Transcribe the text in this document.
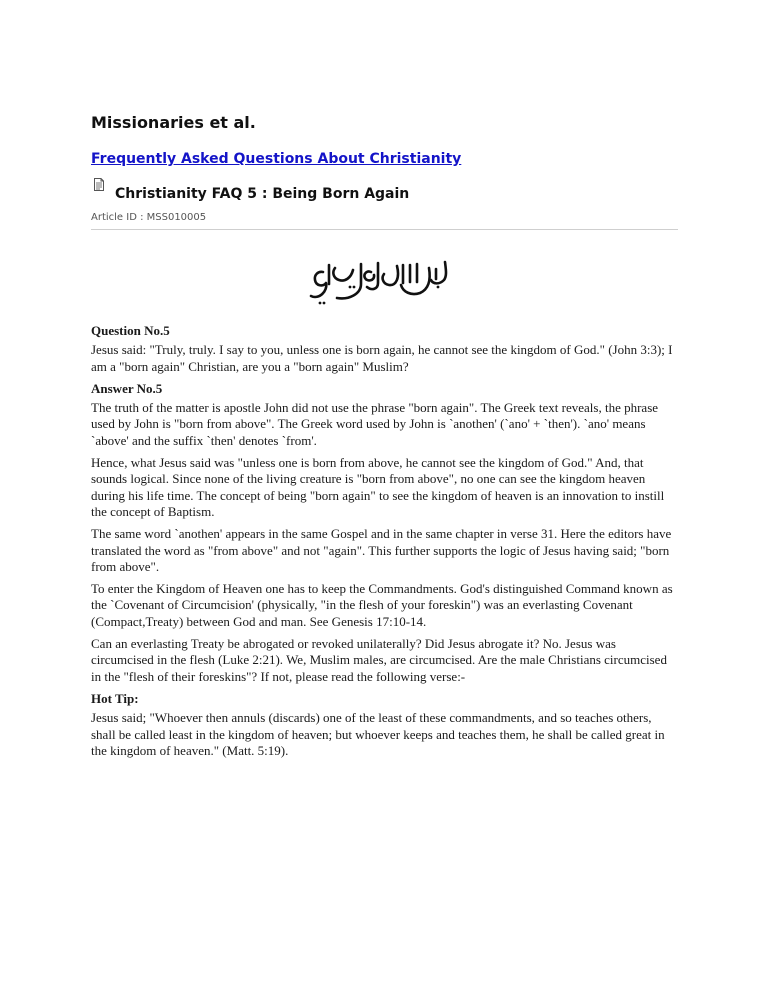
Missionaries et al.
Frequently Asked Questions About Christianity
Christianity FAQ 5 : Being Born Again
Article ID : MSS010005
Question No.5

Jesus said: "Truly, truly. I say to you, unless one is born again, he cannot see the kingdom of God." (John 3:3); I am a "born again" Christian, are you a "born again" Muslim?

Answer No.5

The truth of the matter is apostle John did not use the phrase "born again". The Greek text reveals, the phrase used by John is "born from above". The Greek word used by John is `anothen' (`ano' + `then'). `ano' means `above' and the suffix `then' denotes `from'.

Hence, what Jesus said was "unless one is born from above, he cannot see the kingdom of God." And, that sounds logical. Since none of the living creature is "born from above", no one can see the kingdom heaven during his life time. The concept of being "born again" to see the kingdom of heaven is an innovation to instill the concept of Baptism.

The same word `anothen' appears in the same Gospel and in the same chapter in verse 31. Here the editors have translated the word as "from above" and not "again". This further supports the logic of Jesus having said; "born from above".

To enter the Kingdom of Heaven one has to keep the Commandments. God's distinguished Command known as the `Covenant of Circumcision' (physically, "in the flesh of your foreskin") was an everlasting Covenant (Compact,Treaty) between God and man. See Genesis 17:10-14.

Can an everlasting Treaty be abrogated or revoked unilaterally? Did Jesus abrogate it? No. Jesus was circumcised in the flesh (Luke 2:21). We, Muslim males, are circumcised. Are the male Christians circumcised in the "flesh of their foreskins"? If not, please read the following verse:-

Hot Tip:

Jesus said; "Whoever then annuls (discards) one of the least of these commandments, and so teaches others, shall be called least in the kingdom of heaven; but whoever keeps and teaches them, he shall be called great in the kingdom of heaven." (Matt. 5:19).
